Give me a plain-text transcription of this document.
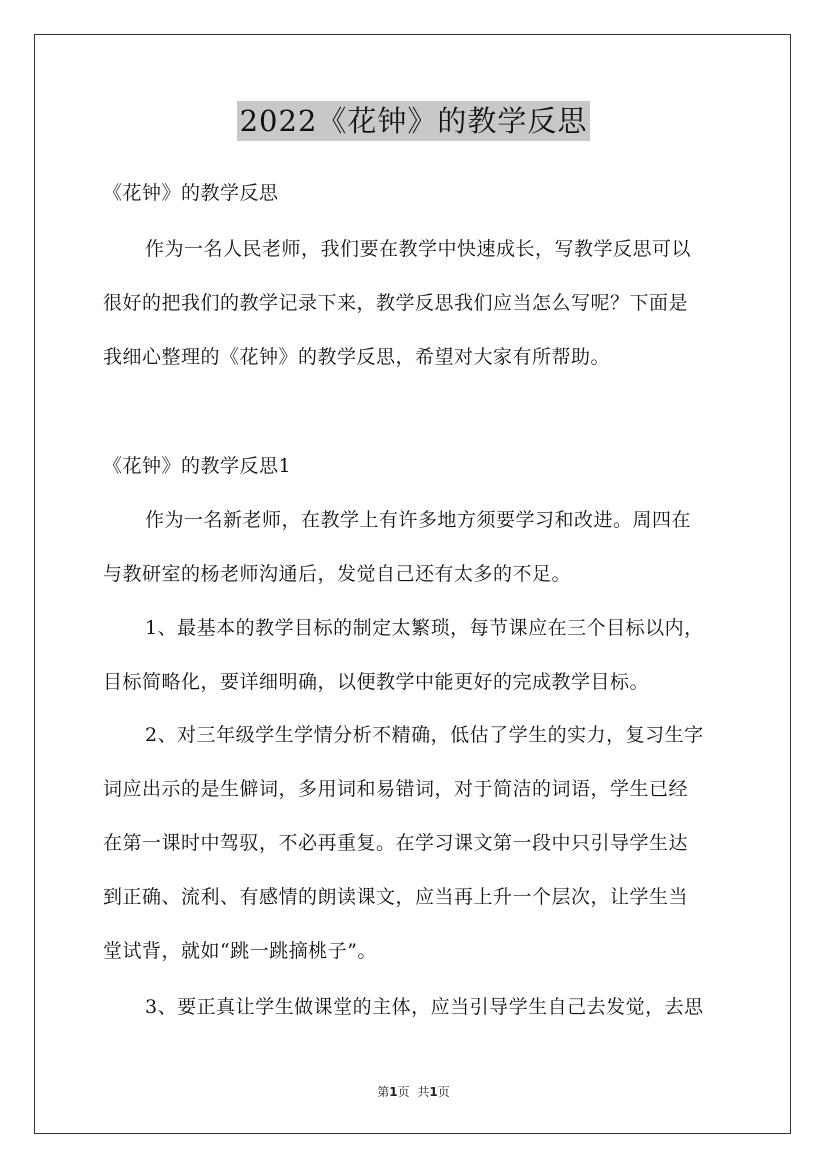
2022《花钟》的教学反思
《花钟》的教学反思
作为一名人民老师，我们要在教学中快速成长，写教学反思可以
很好的把我们的教学记录下来，教学反思我们应当怎么写呢？下面是
我细心整理的《花钟》的教学反思，希望对大家有所帮助。
《花钟》的教学反思1
作为一名新老师，在教学上有许多地方须要学习和改进。周四在
与教研室的杨老师沟通后，发觉自己还有太多的不足。
1、最基本的教学目标的制定太繁琐，每节课应在三个目标以内，
目标简略化，要详细明确，以便教学中能更好的完成教学目标。
2、对三年级学生学情分析不精确，低估了学生的实力，复习生字
词应出示的是生僻词，多用词和易错词，对于简洁的词语，学生已经
在第一课时中驾驭，不必再重复。在学习课文第一段中只引导学生达
到正确、流利、有感情的朗读课文，应当再上升一个层次，让学生当
堂试背，就如“跳一跳摘桃子”。
3、要正真让学生做课堂的主体，应当引导学生自己去发觉，去思
第1页 共1页
